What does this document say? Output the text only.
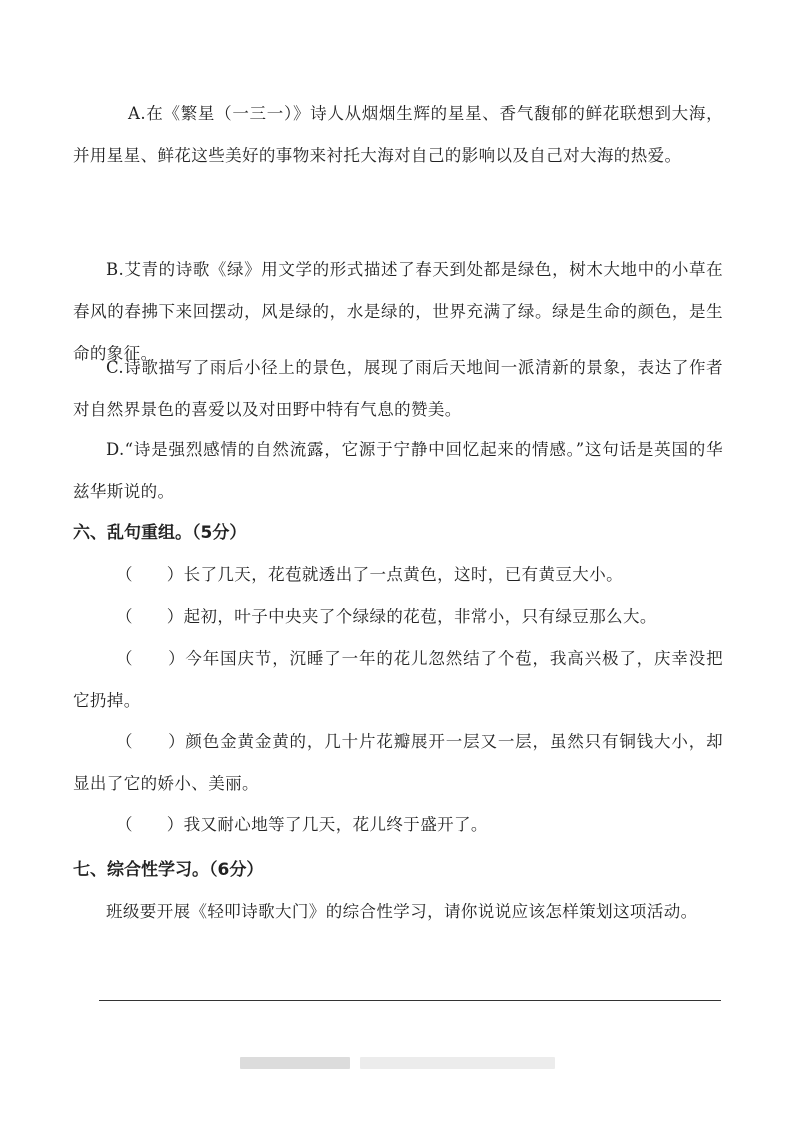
A.在《繁星（一三一）》诗人从烟烟生辉的星星、香气馥郁的鲜花联想到大海，并用星星、鲜花这些美好的事物来衬托大海对自己的影响以及自己对大海的热爱。

B.艾青的诗歌《绿》用文学的形式描述了春天到处都是绿色，树木大地中的小草在春风的春拂下来回摆动，风是绿的，水是绿的，世界充满了绿。绿是生命的颜色，是生命的象征。

C.诗歌描写了雨后小径上的景色，展现了雨后天地间一派清新的景象，表达了作者对自然界景色的喜爱以及对田野中特有气息的赞美。

D.“诗是强烈感情的自然流露，它源于宁静中回忆起来的情感。”这句话是英国的华兹华斯说的。

六、乱句重组。（5分）

（　　）长了几天，花苞就透出了一点黄色，这时，已有黄豆大小。

（　　）起初，叶子中央夹了个绿绿的花苞，非常小，只有绿豆那么大。

（　　）今年国庆节，沉睡了一年的花儿忽然结了个苞，我高兴极了，庆幸没把它扔掉。

（　　）颜色金黄金黄的，几十片花瓣展开一层又一层，虽然只有铜钱大小，却显出了它的娇小、美丽。

（　　）我又耐心地等了几天，花儿终于盛开了。

七、综合性学习。（6分）

班级要开展《轻叩诗歌大门》的综合性学习，请你说说应该怎样策划这项活动。
